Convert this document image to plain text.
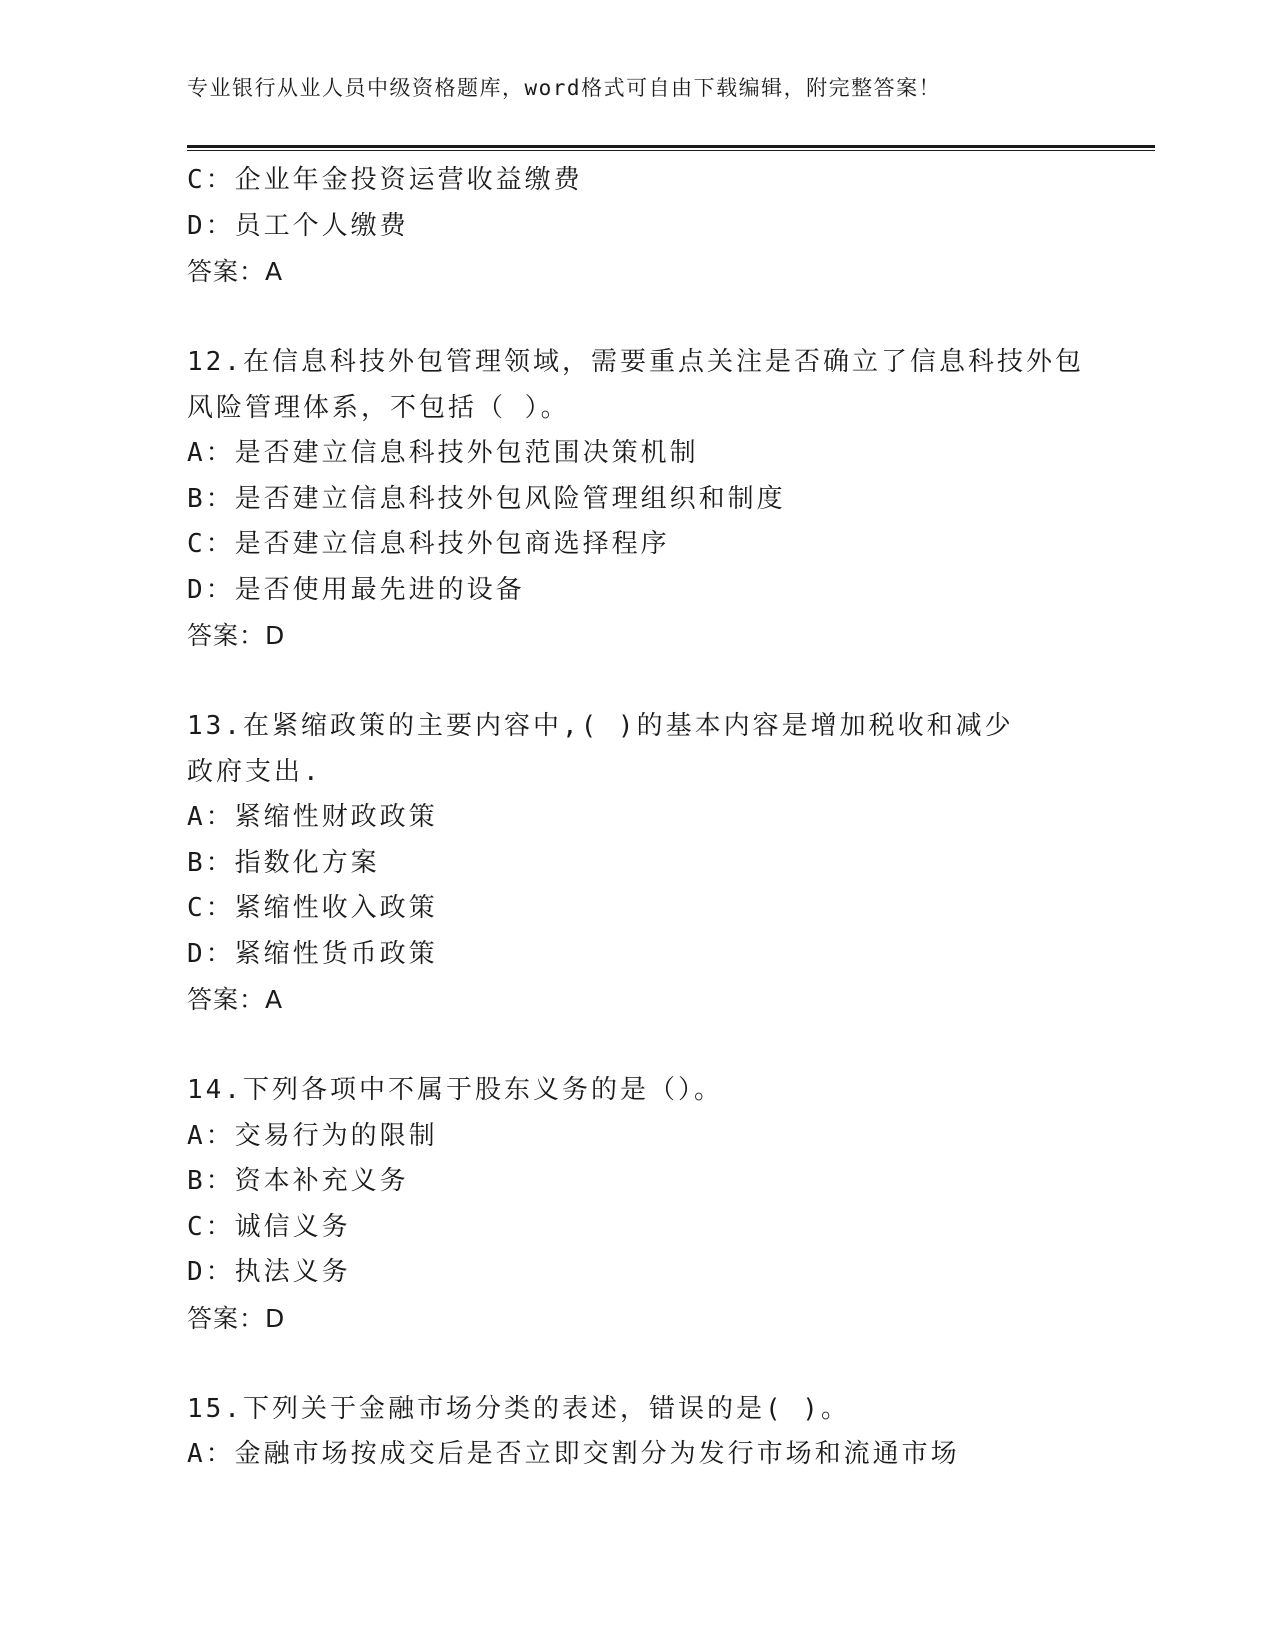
专业银行从业人员中级资格题库，word格式可自由下载编辑，附完整答案！
C：企业年金投资运营收益缴费
D：员工个人缴费
答案：A
12.在信息科技外包管理领域，需要重点关注是否确立了信息科技外包
风险管理体系，不包括（ ）。
A：是否建立信息科技外包范围决策机制
B：是否建立信息科技外包风险管理组织和制度
C：是否建立信息科技外包商选择程序
D：是否使用最先进的设备
答案：D
13.在紧缩政策的主要内容中,( )的基本内容是增加税收和减少
政府支出.
A：紧缩性财政政策
B：指数化方案
C：紧缩性收入政策
D：紧缩性货币政策
答案：A
14.下列各项中不属于股东义务的是（）。
A：交易行为的限制
B：资本补充义务
C：诚信义务
D：执法义务
答案：D
15.下列关于金融市场分类的表述，错误的是( )。
A：金融市场按成交后是否立即交割分为发行市场和流通市场
